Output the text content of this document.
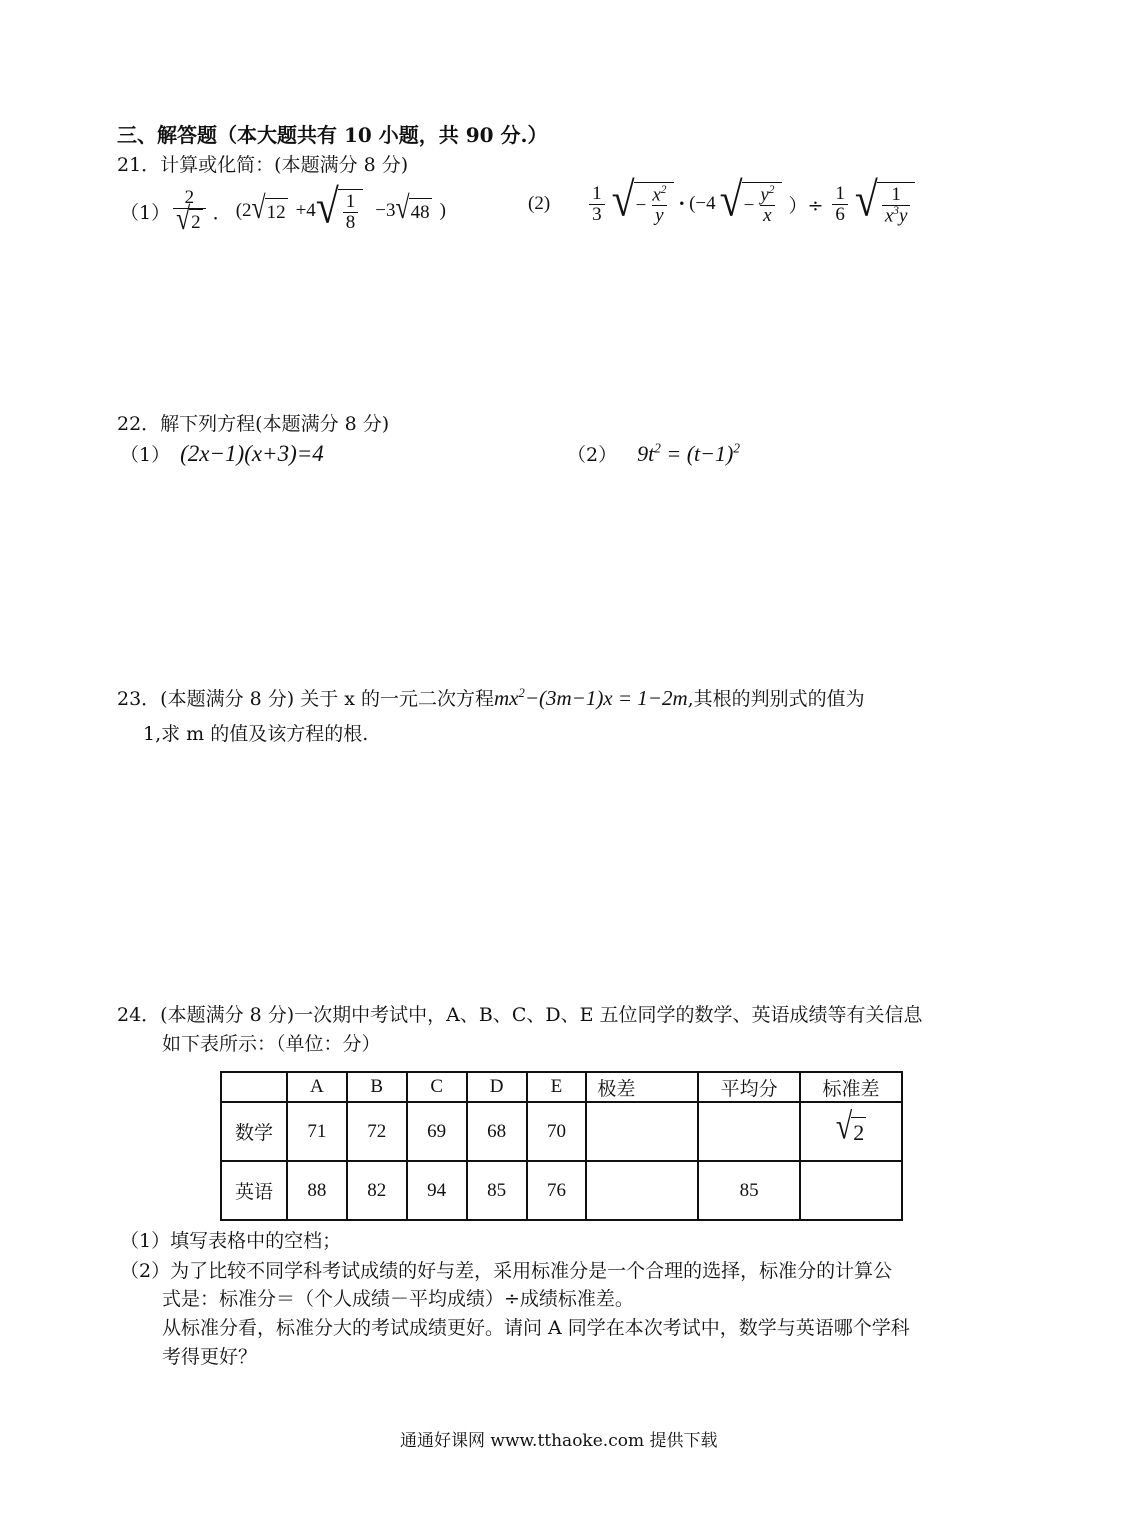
三、解答题（本大题共有 10 小题，共 90 分.）
21．计算或化简：(本题满分 8 分)
$(1) \frac{2}{√ 2}$ ． (2 √ 12 +4 √ $\frac{1}{8} -3$ √ 48 )	$(2) \frac{1}{3}$ √ − $\frac{x^2}{y} \cdot (-4$ √ − $\frac{y^2}{x}$ ）÷ $\frac{1}{6}$ √ $\frac{1}{x^3y}$
22．解下列方程(本题满分 8 分)
（1） (2x−1)(x+3)=4	（2） $9t^2 = (t-1)^2$
23．(本题满分 8 分) 关于 x 的一元二次方程$mx^2-(3m-1)x = 1-2m$,其根的判别式的值为
1,求 m 的值及该方程的根.
24．(本题满分 8 分)一次期中考试中，A、B、C、D、E 五位同学的数学、英语成绩等有关信息
如下表所示：（单位：分）
	A	B	C	D	E	极差	平均分	标准差
数学	71	72	69	68	70			√ 2

英语	88	82	94	85	76		85	
（1）填写表格中的空档；
（2）为了比较不同学科考试成绩的好与差，采用标准分是一个合理的选择，标准分的计算公
式是：标准分＝（个人成绩－平均成绩）÷成绩标准差。
从标准分看，标准分大的考试成绩更好。请问 A 同学在本次考试中，数学与英语哪个学科
考得更好？
通通好课网 www.tthaoke.com 提供下载
